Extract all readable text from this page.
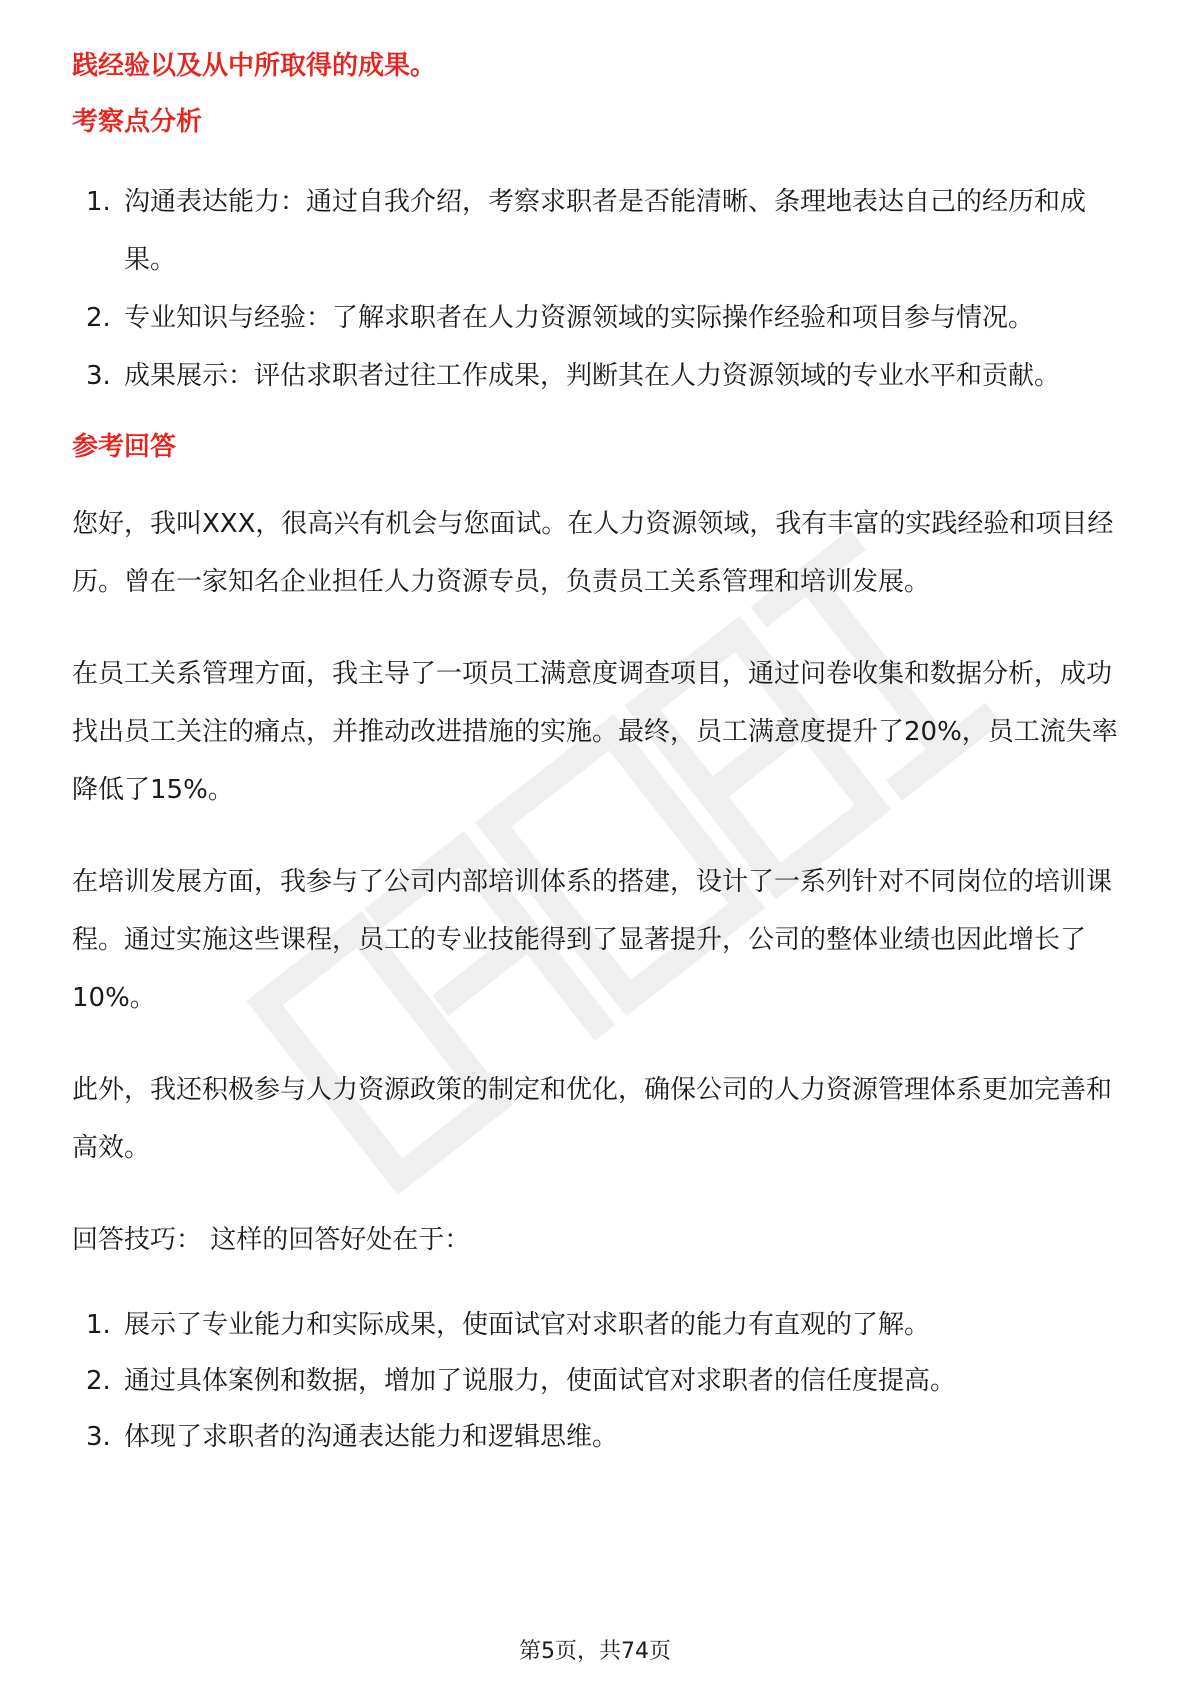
践经验以及从中所取得的成果。

考察点分析

1. 沟通表达能力：通过自我介绍，考察求职者是否能清晰、条理地表达自己的经历和成果。
2. 专业知识与经验：了解求职者在人力资源领域的实际操作经验和项目参与情况。
3. 成果展示：评估求职者过往工作成果，判断其在人力资源领域的专业水平和贡献。

参考回答

您好，我叫XXX，很高兴有机会与您面试。在人力资源领域，我有丰富的实践经验和项目经历。曾在一家知名企业担任人力资源专员，负责员工关系管理和培训发展。

在员工关系管理方面，我主导了一项员工满意度调查项目，通过问卷收集和数据分析，成功找出员工关注的痛点，并推动改进措施的实施。最终，员工满意度提升了20%，员工流失率降低了15%。

在培训发展方面，我参与了公司内部培训体系的搭建，设计了一系列针对不同岗位的培训课程。通过实施这些课程，员工的专业技能得到了显著提升，公司的整体业绩也因此增长了10%。

此外，我还积极参与人力资源政策的制定和优化，确保公司的人力资源管理体系更加完善和高效。

回答技巧： 这样的回答好处在于：

1. 展示了专业能力和实际成果，使面试官对求职者的能力有直观的了解。
2. 通过具体案例和数据，增加了说服力，使面试官对求职者的信任度提高。
3. 体现了求职者的沟通表达能力和逻辑思维。
第5页，共74页
